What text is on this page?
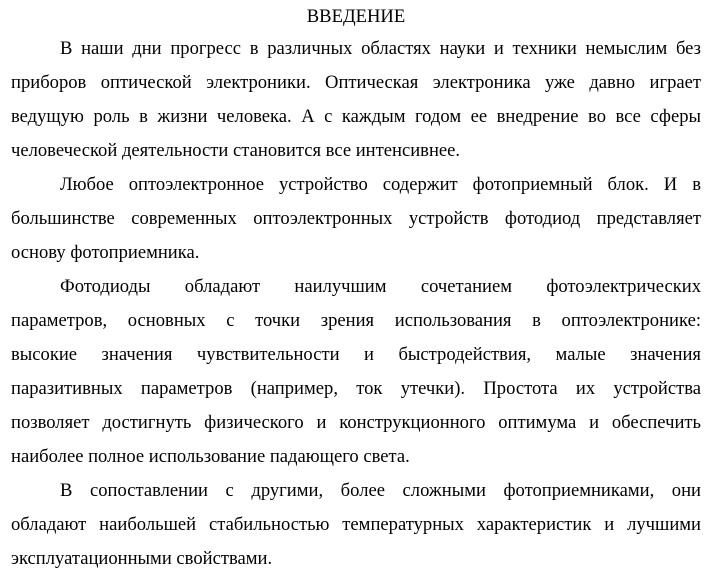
ВВЕДЕНИЕ

В наши дни прогресс в различных областях науки и техники немыслим без
приборов оптической электроники. Оптическая электроника уже давно играет
ведущую роль в жизни человека. А с каждым годом ее внедрение во все сферы
человеческой деятельности становится все интенсивнее.

Любое оптоэлектронное устройство содержит фотоприемный блок. И в
большинстве современных оптоэлектронных устройств фотодиод представляет
основу фотоприемника.

Фотодиоды обладают наилучшим сочетанием фотоэлектрических
параметров, основных с точки зрения использования в оптоэлектронике:
высокие значения чувствительности и быстродействия, малые значения
паразитивных параметров (например, ток утечки). Простота их устройства
позволяет достигнуть физического и конструкционного оптимума и обеспечить
наиболее полное использование падающего света.

В сопоставлении с другими, более сложными фотоприемниками, они
обладают наибольшей стабильностью температурных характеристик и лучшими
эксплуатационными свойствами.
